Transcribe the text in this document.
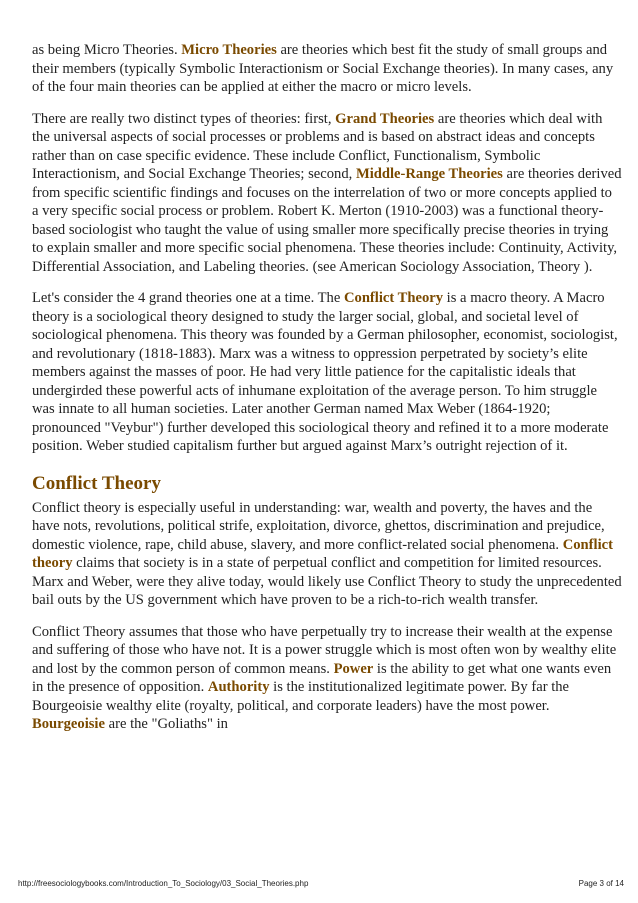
as being Micro Theories. Micro Theories are theories which best fit the study of small groups and their members (typically Symbolic Interactionism or Social Exchange theories). In many cases, any of the four main theories can be applied at either the macro or micro levels.

There are really two distinct types of theories: first, Grand Theories are theories which deal with the universal aspects of social processes or problems and is based on abstract ideas and concepts rather than on case specific evidence. These include Conflict, Functionalism, Symbolic Interactionism, and Social Exchange Theories; second, Middle-Range Theories are theories derived from specific scientific findings and focuses on the interrelation of two or more concepts applied to a very specific social process or problem. Robert K. Merton (1910-2003) was a functional theory-based sociologist who taught the value of using smaller more specifically precise theories in trying to explain smaller and more specific social phenomena. These theories include: Continuity, Activity, Differential Association, and Labeling theories. (see American Sociology Association, Theory ).

Let's consider the 4 grand theories one at a time. The Conflict Theory is a macro theory. A Macro theory is a sociological theory designed to study the larger social, global, and societal level of sociological phenomena. This theory was founded by a German philosopher, economist, sociologist, and revolutionary (1818-1883). Marx was a witness to oppression perpetrated by society’s elite members against the masses of poor. He had very little patience for the capitalistic ideals that undergirded these powerful acts of inhumane exploitation of the average person. To him struggle was innate to all human societies. Later another German named Max Weber (1864-1920; pronounced "Veybur") further developed this sociological theory and refined it to a more moderate position. Weber studied capitalism further but argued against Marx’s outright rejection of it.

Conflict Theory

Conflict theory is especially useful in understanding: war, wealth and poverty, the haves and the have nots, revolutions, political strife, exploitation, divorce, ghettos, discrimination and prejudice, domestic violence, rape, child abuse, slavery, and more conflict-related social phenomena. Conflict theory claims that society is in a state of perpetual conflict and competition for limited resources. Marx and Weber, were they alive today, would likely use Conflict Theory to study the unprecedented bail outs by the US government which have proven to be a rich-to-rich wealth transfer.

Conflict Theory assumes that those who have perpetually try to increase their wealth at the expense and suffering of those who have not. It is a power struggle which is most often won by wealthy elite and lost by the common person of common means. Power is the ability to get what one wants even in the presence of opposition. Authority is the institutionalized legitimate power. By far the Bourgeoisie wealthy elite (royalty, political, and corporate leaders) have the most power. Bourgeoisie are the "Goliaths" in

http://freesociologybooks.com/Introduction_To_Sociology/03_Social_Theories.php	Page 3 of 14
